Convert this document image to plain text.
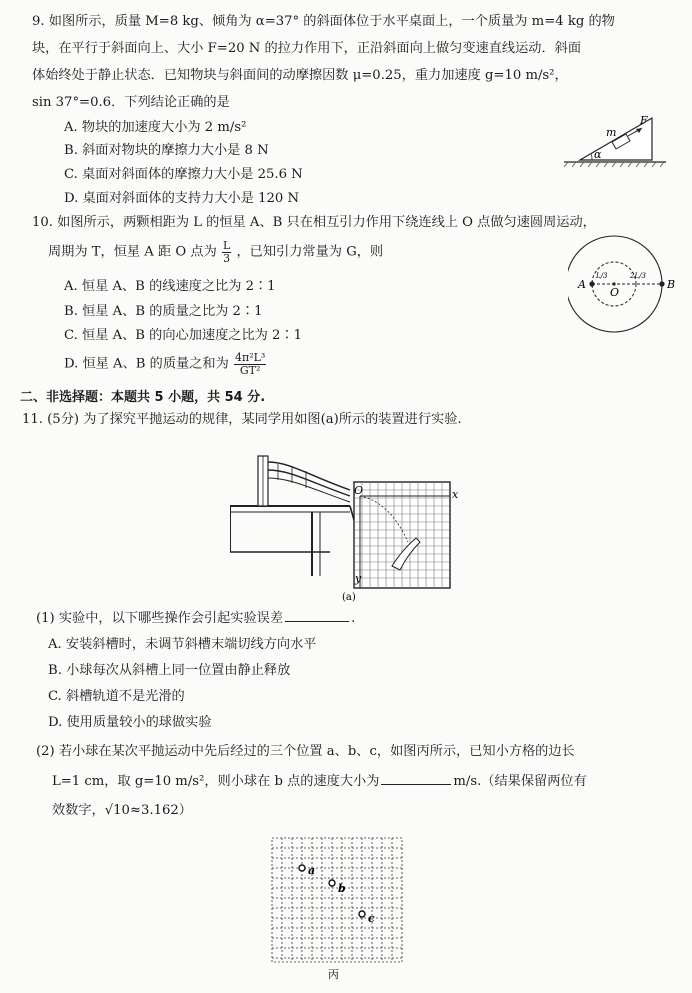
9. 如图所示，质量 M=8 kg、倾角为 α=37° 的斜面体位于水平桌面上，一个质量为 m=4 kg 的物
块，在平行于斜面向上、大小 F=20 N 的拉力作用下，正沿斜面向上做匀变速直线运动．斜面
体始终处于静止状态．已知物块与斜面间的动摩擦因数 μ=0.25，重力加速度 g=10 m/s²，
sin 37°=0.6．下列结论正确的是
A. 物块的加速度大小为 2 m/s²
B. 斜面对物块的摩擦力大小是 8 N
C. 桌面对斜面体的摩擦力大小是 25.6 N
D. 桌面对斜面体的支持力大小是 120 N
m
F
α
10. 如图所示，两颗相距为 L 的恒星 A、B 只在相互引力作用下绕连线上 O 点做匀速圆周运动，
周期为 T，恒星 A 距 O 点为 $\frac{L}{3}$ ，已知引力常量为 G，则
A. 恒星 A、B 的线速度之比为 2∶1
B. 恒星 A、B 的质量之比为 2∶1
C. 恒星 A、B 的向心加速度之比为 2∶1
D. 恒星 A、B 的质量之和为 $\frac{\text{4π²L³}}{\text{GT²}}$
A	B
O
L/3	2L/3
二、非选择题：本题共 5 小题，共 54 分.
11. (5分) 为了探究平抛运动的规律，某同学用如图(a)所示的装置进行实验.
O	x
y
(a)
(1) 实验中，以下哪些操作会引起实验误差	.
A. 安装斜槽时，未调节斜槽末端切线方向水平
B. 小球每次从斜槽上同一位置由静止释放
C. 斜槽轨道不是光滑的
D. 使用质量较小的球做实验
(2) 若小球在某次平抛运动中先后经过的三个位置 a、b、c，如图丙所示，已知小方格的边长
L=1 cm，取 g=10 m/s²，则小球在 b 点的速度大小为	m/s.（结果保留两位有
效数字，√10≈3.162）
a
b
c
丙
